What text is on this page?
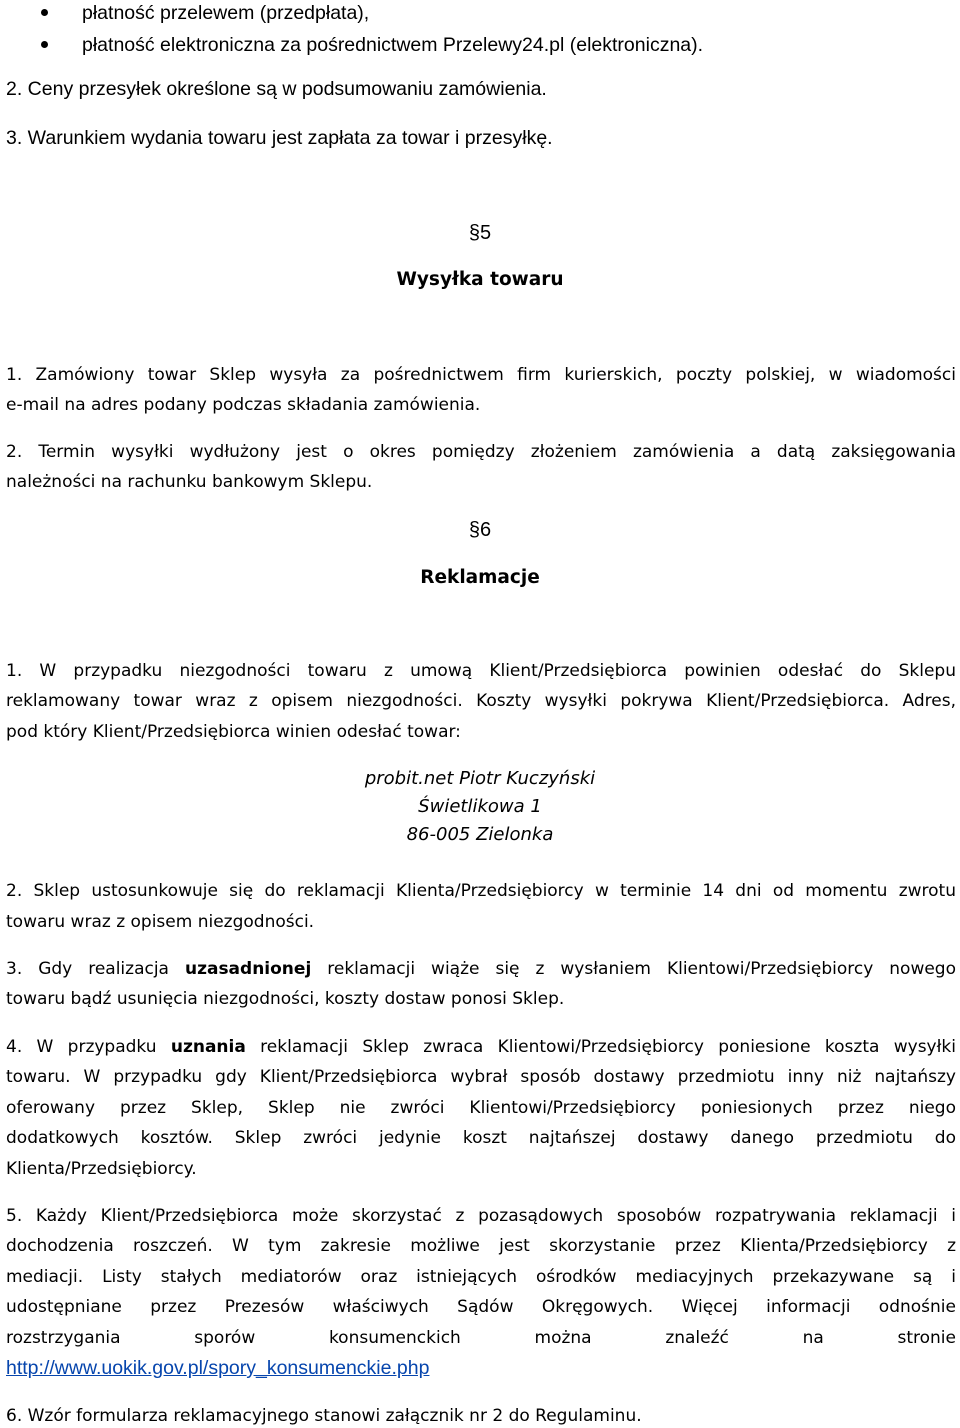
płatność przelewem (przedpłata),
płatność elektroniczna za pośrednictwem Przelewy24.pl (elektroniczna).
2. Ceny przesyłek określone są w podsumowaniu zamówienia.
3. Warunkiem wydania towaru jest zapłata za towar i przesyłkę.
§5
Wysyłka towaru
1. Zamówiony towar Sklep wysyła za pośrednictwem firm kurierskich, poczty polskiej, w wiadomości
e-mail na adres podany podczas składania zamówienia.
2. Termin wysyłki wydłużony jest o okres pomiędzy złożeniem zamówienia a datą zaksięgowania
należności na rachunku bankowym Sklepu.
§6
Reklamacje
1. W przypadku niezgodności towaru z umową Klient/Przedsiębiorca powinien odesłać do Sklepu
reklamowany towar wraz z opisem niezgodności. Koszty wysyłki pokrywa Klient/Przedsiębiorca. Adres,
pod który Klient/Przedsiębiorca winien odesłać towar:
probit.net Piotr Kuczyński
Świetlikowa 1
86-005 Zielonka
2. Sklep ustosunkowuje się do reklamacji Klienta/Przedsiębiorcy w terminie 14 dni od momentu zwrotu
towaru wraz z opisem niezgodności.
3. Gdy realizacja uzasadnionej reklamacji wiąże się z wysłaniem Klientowi/Przedsiębiorcy nowego
towaru bądź usunięcia niezgodności, koszty dostaw ponosi Sklep.
4. W przypadku uznania reklamacji Sklep zwraca Klientowi/Przedsiębiorcy poniesione koszta wysyłki
towaru. W przypadku gdy Klient/Przedsiębiorca wybrał sposób dostawy przedmiotu inny niż najtańszy
oferowany przez Sklep, Sklep nie zwróci Klientowi/Przedsiębiorcy poniesionych przez niego
dodatkowych kosztów. Sklep zwróci jedynie koszt najtańszej dostawy danego przedmiotu do
Klienta/Przedsiębiorcy.
5. Każdy Klient/Przedsiębiorca może skorzystać z pozasądowych sposobów rozpatrywania reklamacji i
dochodzenia roszczeń. W tym zakresie możliwe jest skorzystanie przez Klienta/Przedsiębiorcy z
mediacji. Listy stałych mediatorów oraz istniejących ośrodków mediacyjnych przekazywane są i
udostępniane przez Prezesów właściwych Sądów Okręgowych. Więcej informacji odnośnie
rozstrzygania sporów konsumenckich można znaleźć na stronie
http://www.uokik.gov.pl/spory_konsumenckie.php
6. Wzór formularza reklamacyjnego stanowi załącznik nr 2 do Regulaminu.
